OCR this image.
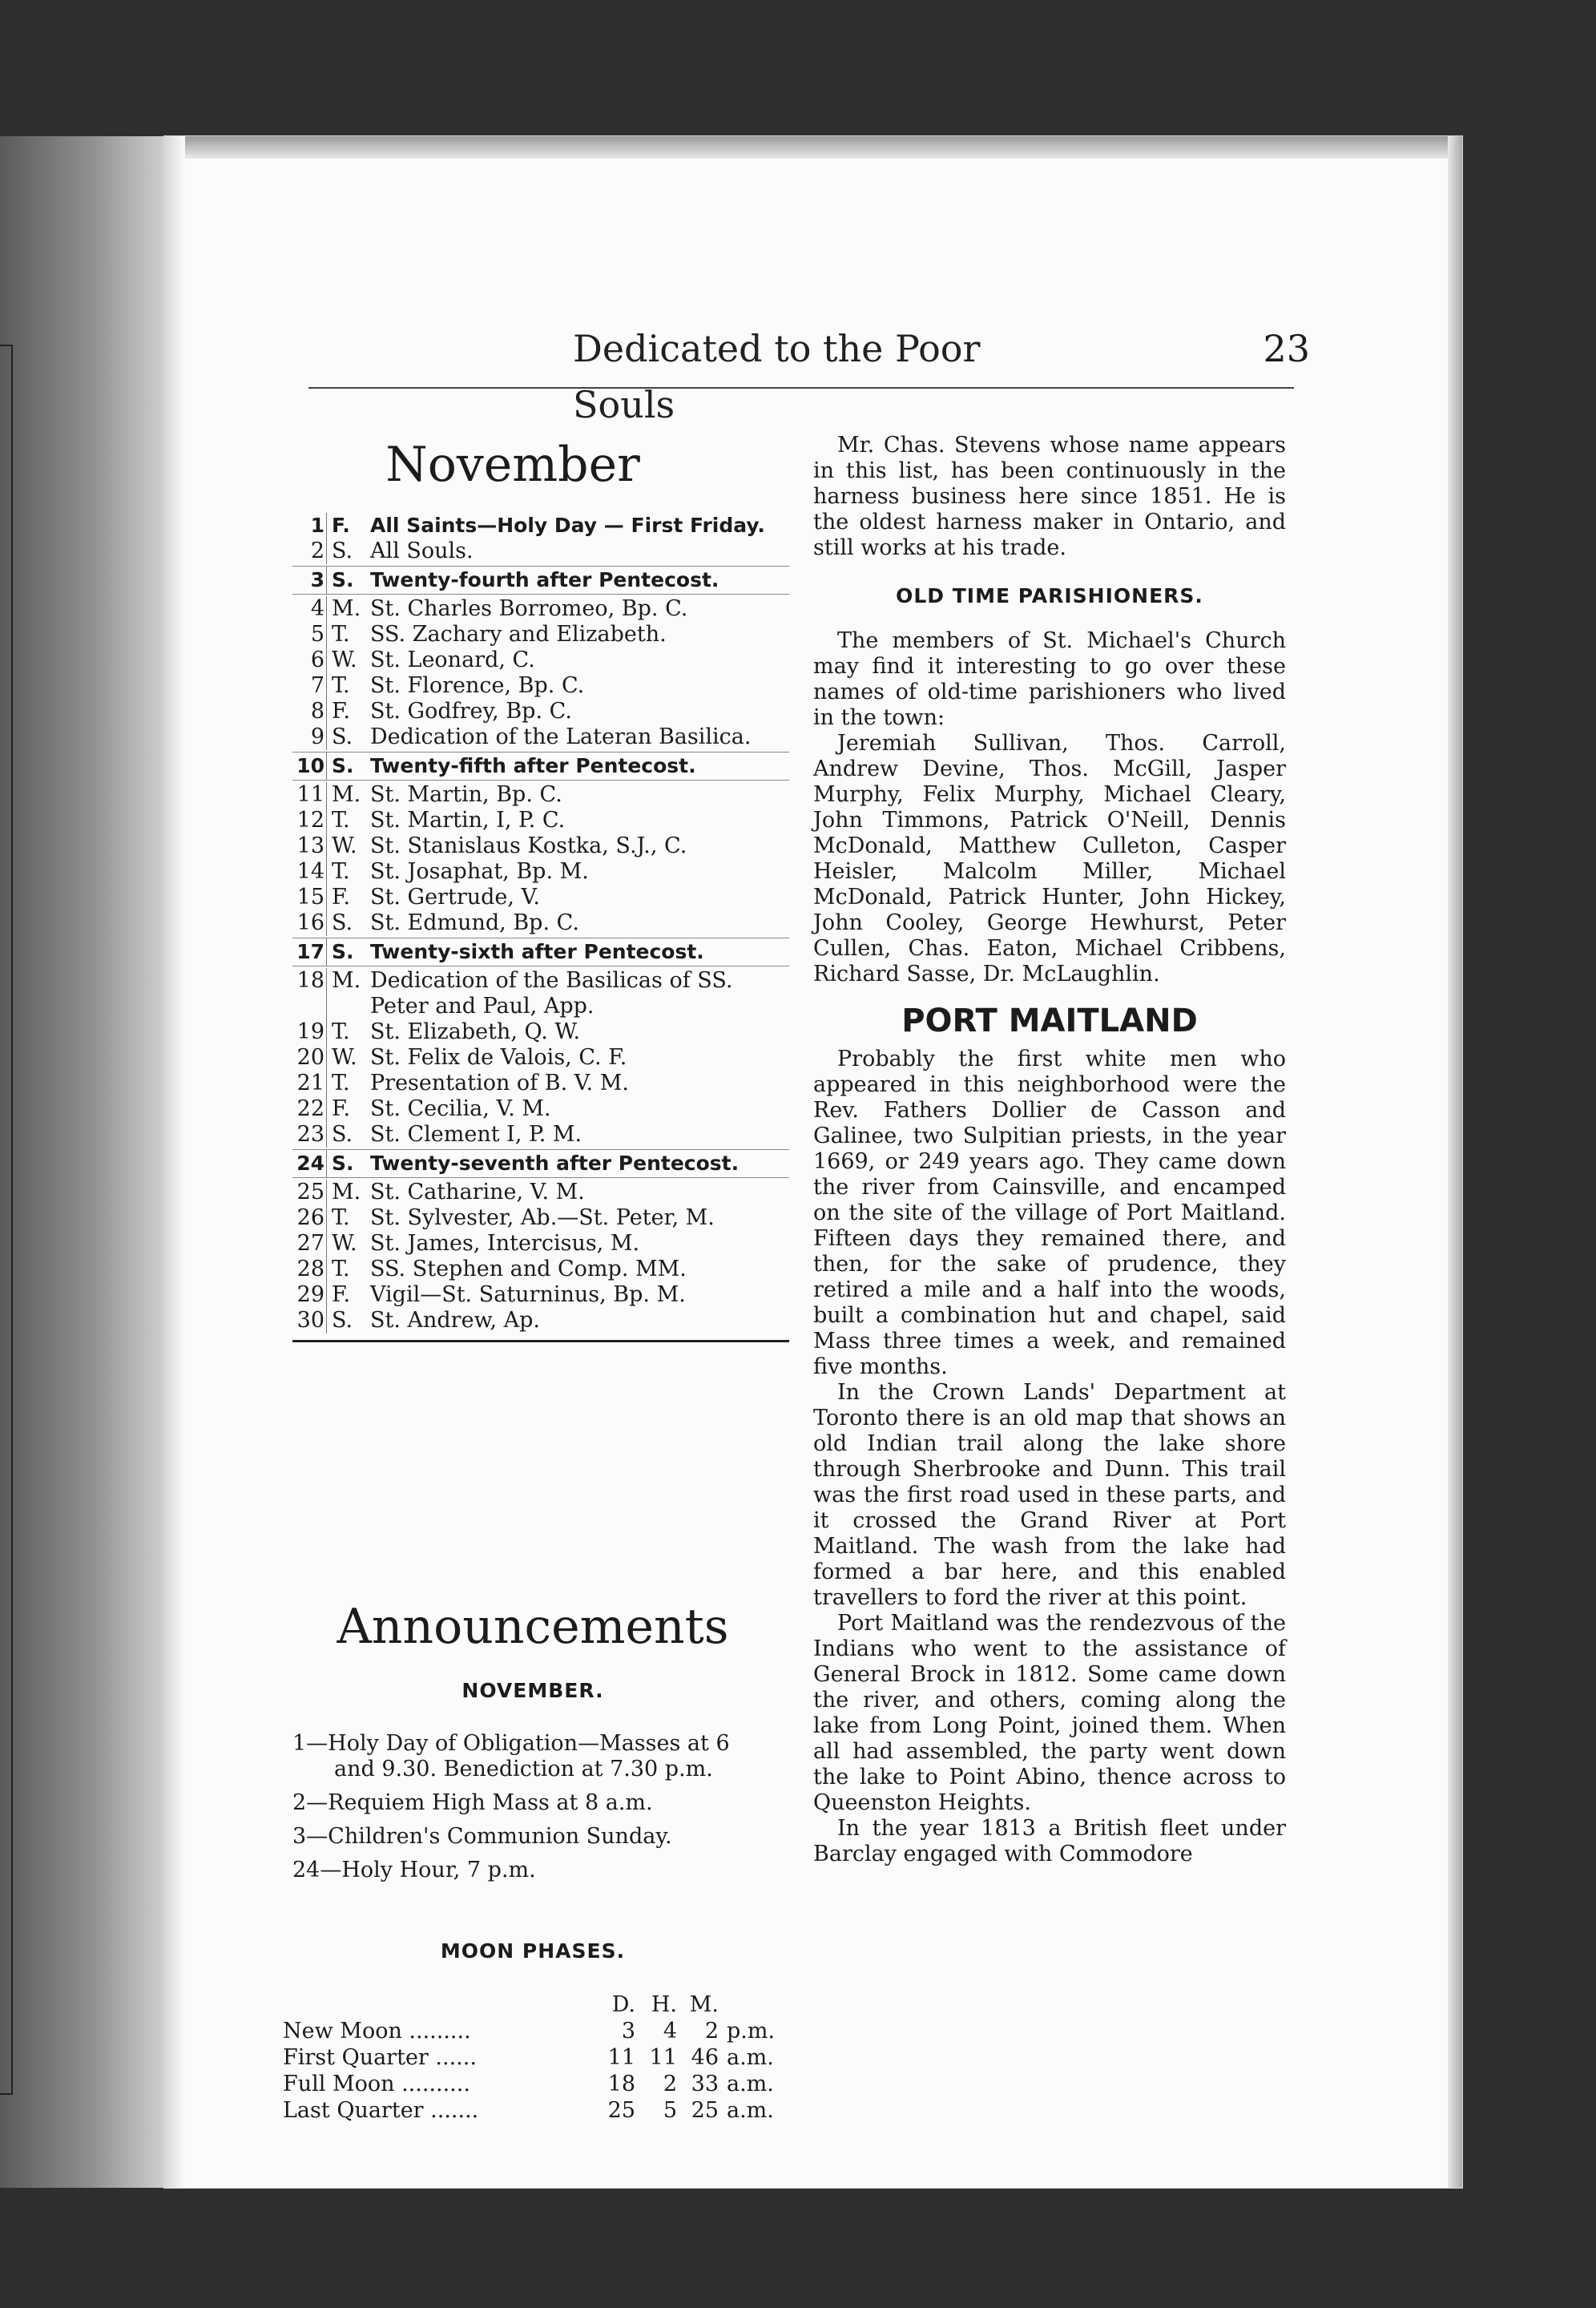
Dedicated to the Poor Souls
23
November
1 F.	All Saints—Holy Day — First Friday.
2 S. All Souls.
3 S. Twenty-fourth after Pentecost.
4 M. St. Charles Borromeo, Bp. C.
5 T. SS. Zachary and Elizabeth.
6 W. St. Leonard, C.
7 T. St. Florence, Bp. C.
8 F. St. Godfrey, Bp. C.
9 S. Dedication of the Lateran Basilica.
10 S. Twenty-fifth after Pentecost.
11 M. St. Martin, Bp. C.
12 T. St. Martin, I, P. C.
13 W. St. Stanislaus Kostka, S.J., C.
14 T. St. Josaphat, Bp. M.
15 F. St. Gertrude, V.
16 S. St. Edmund, Bp. C.
17 S. Twenty-sixth after Pentecost.
18 M. Dedication of the Basilicas of SS. Peter and Paul, App.
19 T. St. Elizabeth, Q. W.
20 W. St. Felix de Valois, C. F.
21 T. Presentation of B. V. M.
22 F. St. Cecilia, V. M.
23 S. St. Clement I, P. M.
24 S. Twenty-seventh after Pentecost.
25 M. St. Catharine, V. M.
26 T. St. Sylvester, Ab.—St. Peter, M.
27 W. St. James, Intercisus, M.
28 T. SS. Stephen and Comp. MM.
29 F. Vigil—St. Saturninus, Bp. M.
30 S. St. Andrew, Ap.
Announcements
NOVEMBER.

1—Holy Day of Obligation—Masses at 6 and 9.30. Benediction at 7.30 p.m.

2—Requiem High Mass at 8 a.m.

3—Children's Communion Sunday.

24—Holy Hour, 7 p.m.

MOON PHASES.
	D.	H.	M.	
New Moon .........	3	4	2	p.m.
First Quarter ......	11	11	46	a.m.
Full Moon ..........	18	2	33	a.m.
Last Quarter .......	25	5	25	a.m.

Mr. Chas. Stevens whose name appears in this list, has been continuously in the harness business here since 1851. He is the oldest harness maker in Ontario, and still works at his trade.

OLD TIME PARISHIONERS.

The members of St. Michael's Church may find it interesting to go over these names of old-time parishioners who lived in the town:

Jeremiah Sullivan, Thos. Carroll, Andrew Devine, Thos. McGill, Jasper Murphy, Felix Murphy, Michael Cleary, John Timmons, Patrick O'Neill, Dennis McDonald, Matthew Culleton, Casper Heisler, Malcolm Miller, Michael McDonald, Patrick Hunter, John Hickey, John Cooley, George Hewhurst, Peter Cullen, Chas. Eaton, Michael Cribbens, Richard Sasse, Dr. McLaughlin.

PORT MAITLAND

Probably the first white men who appeared in this neighborhood were the Rev. Fathers Dollier de Casson and Galinee, two Sulpitian priests, in the year 1669, or 249 years ago. They came down the river from Cainsville, and encamped on the site of the village of Port Maitland. Fifteen days they remained there, and then, for the sake of prudence, they retired a mile and a half into the woods, built a combination hut and chapel, said Mass three times a week, and remained five months.

In the Crown Lands' Department at Toronto there is an old map that shows an old Indian trail along the lake shore through Sherbrooke and Dunn. This trail was the first road used in these parts, and it crossed the Grand River at Port Maitland. The wash from the lake had formed a bar here, and this enabled travellers to ford the river at this point.

Port Maitland was the rendezvous of the Indians who went to the assistance of General Brock in 1812. Some came down the river, and others, coming along the lake from Long Point, joined them. When all had assembled, the party went down the lake to Point Abino, thence across to Queenston Heights.

In the year 1813 a British fleet under Barclay engaged with Commodore
